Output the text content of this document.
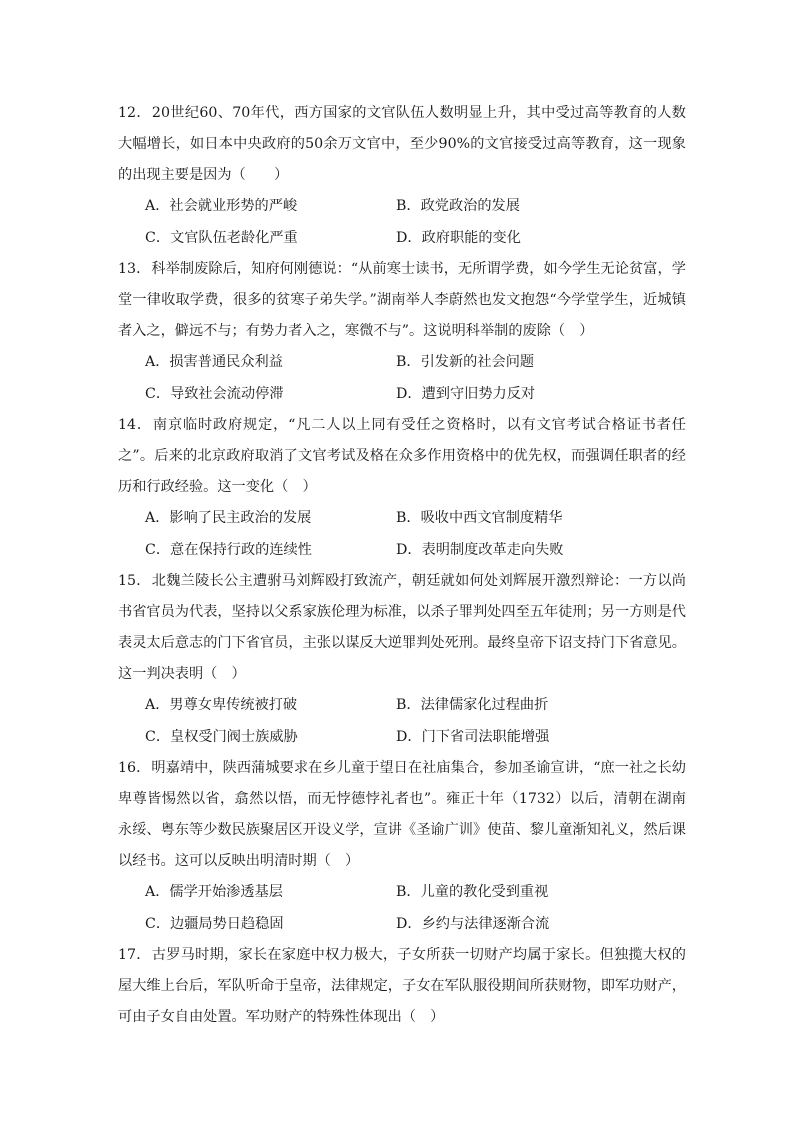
12．20世纪60、70年代，西方国家的文官队伍人数明显上升，其中受过高等教育的人数大幅增长，如日本中央政府的50余万文官中，至少90%的文官接受过高等教育，这一现象的出现主要是因为（　　）

A．社会就业形势的严峻	B．政党政治的发展
C．文官队伍老龄化严重	D．政府职能的变化

13．科举制废除后，知府何刚德说：“从前寒士读书，无所谓学费，如今学生无论贫富，学堂一律收取学费，很多的贫寒子弟失学。”湖南举人李蔚然也发文抱怨“今学堂学生，近城镇者入之，僻远不与；有势力者入之，寒微不与”。这说明科举制的废除（　）

A．损害普通民众利益	B．引发新的社会问题
C．导致社会流动停滞	D．遭到守旧势力反对

14．南京临时政府规定，“凡二人以上同有受任之资格时，以有文官考试合格证书者任之”。后来的北京政府取消了文官考试及格在众多作用资格中的优先权，而强调任职者的经历和行政经验。这一变化（　）

A．影响了民主政治的发展	B．吸收中西文官制度精华
C．意在保持行政的连续性	D．表明制度改革走向失败

15．北魏兰陵长公主遭驸马刘辉殴打致流产，朝廷就如何处刘辉展开激烈辩论：一方以尚书省官员为代表，坚持以父系家族伦理为标准，以杀子罪判处四至五年徒刑；另一方则是代表灵太后意志的门下省官员，主张以谋反大逆罪判处死刑。最终皇帝下诏支持门下省意见。这一判决表明（　）

A．男尊女卑传统被打破	B．法律儒家化过程曲折
C．皇权受门阀士族威胁	D．门下省司法职能增强

16．明嘉靖中，陕西蒲城要求在乡儿童于望日在社庙集合，参加圣谕宣讲，“庶一社之长幼卑尊皆惕然以省，翕然以悟，而无悖德悖礼者也”。雍正十年（1732）以后，清朝在湖南永绥、粤东等少数民族聚居区开设义学，宣讲《圣谕广训》使苗、黎儿童渐知礼义，然后课以经书。这可以反映出明清时期（　）

A．儒学开始渗透基层	B．儿童的教化受到重视
C．边疆局势日趋稳固	D．乡约与法律逐渐合流

17．古罗马时期，家长在家庭中权力极大，子女所获一切财产均属于家长。但独揽大权的屋大维上台后，军队听命于皇帝，法律规定，子女在军队服役期间所获财物，即军功财产，可由子女自由处置。军功财产的特殊性体现出（　）
